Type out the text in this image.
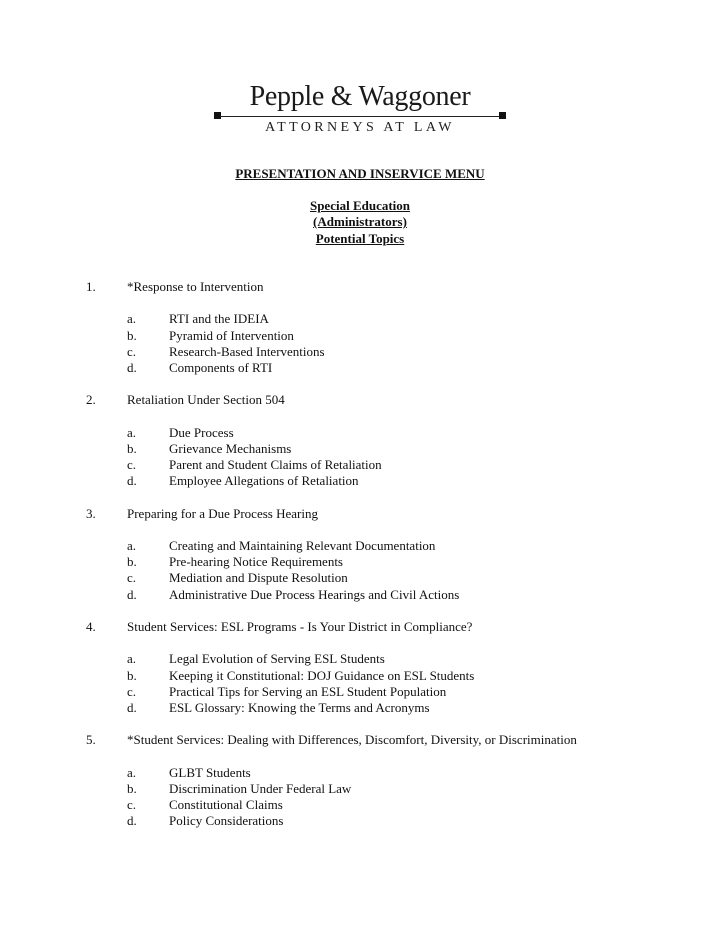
Pepple & Waggoner
ATTORNEYS AT LAW
PRESENTATION AND INSERVICE MENU
Special Education
(Administrators)
Potential Topics
1. *Response to Intervention
a.	RTI and the IDEIA
b. Pyramid of Intervention
c.	Research-Based Interventions
d. Components of RTI
2. Retaliation Under Section 504
a.	Due Process
b. Grievance Mechanisms
c.	Parent and Student Claims of Retaliation
d. Employee Allegations of Retaliation
3. Preparing for a Due Process Hearing
a.	Creating and Maintaining Relevant Documentation
b. Pre-hearing Notice Requirements
c.	Mediation and Dispute Resolution
d. Administrative Due Process Hearings and Civil Actions
4. Student Services: ESL Programs - Is Your District in Compliance?
a.	Legal Evolution of Serving ESL Students
b. Keeping it Constitutional: DOJ Guidance on ESL Students
c.	Practical Tips for Serving an ESL Student Population
d. ESL Glossary: Knowing the Terms and Acronyms
5. *Student Services: Dealing with Differences, Discomfort, Diversity, or Discrimination
a.	GLBT Students
b. Discrimination Under Federal Law
c.	Constitutional Claims
d. Policy Considerations
